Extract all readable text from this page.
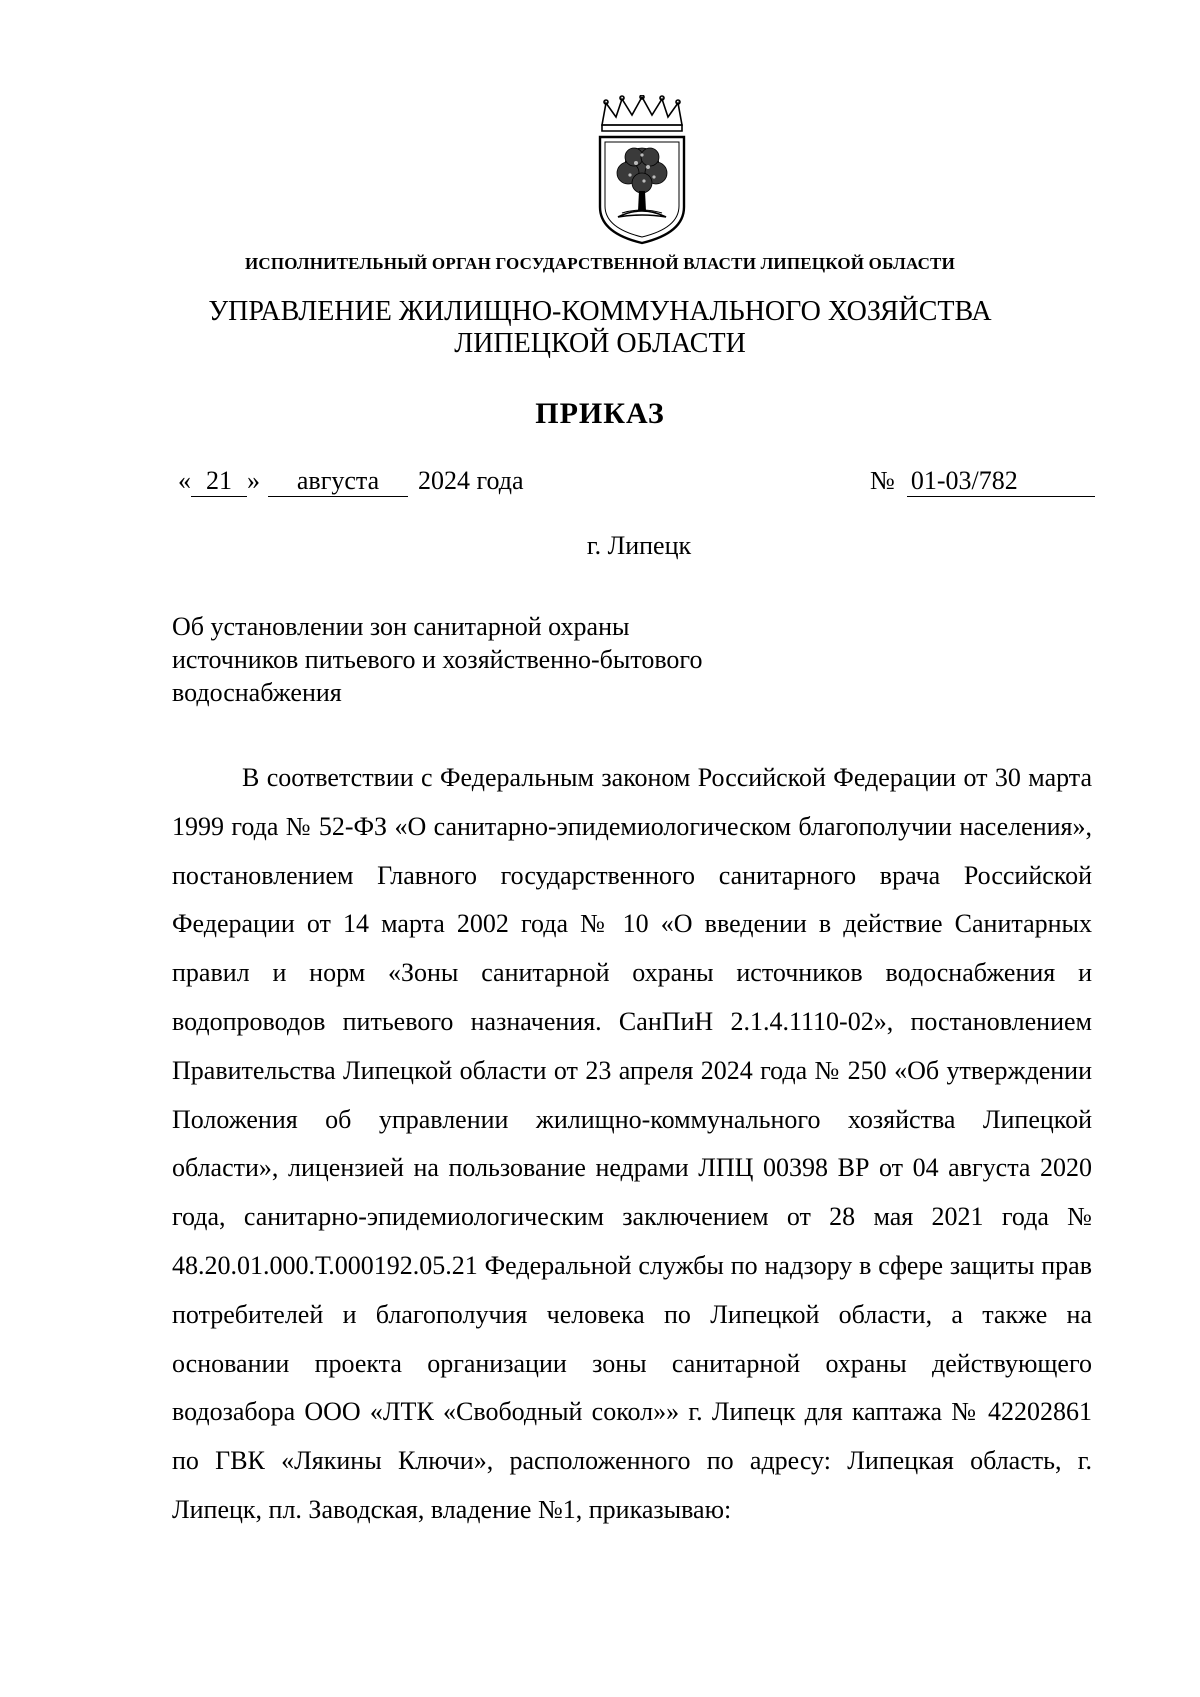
ИСПОЛНИТЕЛЬНЫЙ ОРГАН ГОСУДАРСТВЕННОЙ ВЛАСТИ ЛИПЕЦКОЙ ОБЛАСТИ
УПРАВЛЕНИЕ ЖИЛИЩНО-КОММУНАЛЬНОГО ХОЗЯЙСТВА
ЛИПЕЦКОЙ ОБЛАСТИ
ПРИКАЗ
« 21 » августа 2024 года	№ 01-03/782
г. Липецк
Об установлении зон санитарной охраны
источников питьевого и хозяйственно-бытового
водоснабжения

В соответствии с Федеральным законом Российской Федерации от 30 марта 1999 года № 52-ФЗ «О санитарно-эпидемиологическом благополучии населения», постановлением Главного государственного санитарного врача Российской Федерации от 14 марта 2002 года № 10 «О введении в действие Санитарных правил и норм «Зоны санитарной охраны источников водоснабжения и водопроводов питьевого назначения. СанПиН 2.1.4.1110-02», постановлением Правительства Липецкой области от 23 апреля 2024 года № 250 «Об утверждении Положения об управлении жилищно-коммунального хозяйства Липецкой области», лицензией на пользование недрами ЛПЦ 00398 ВР от 04 августа 2020 года, санитарно-эпидемиологическим заключением от 28 мая 2021 года № 48.20.01.000.Т.000192.05.21 Федеральной службы по надзору в сфере защиты прав потребителей и благополучия человека по Липецкой области, а также на основании проекта организации зоны санитарной охраны действующего водозабора ООО «ЛТК «Свободный сокол»» г. Липецк для каптажа № 42202861 по ГВК «Лякины Ключи», расположенного по адресу: Липецкая область, г. Липецк, пл. Заводская, владение №1, приказываю:
